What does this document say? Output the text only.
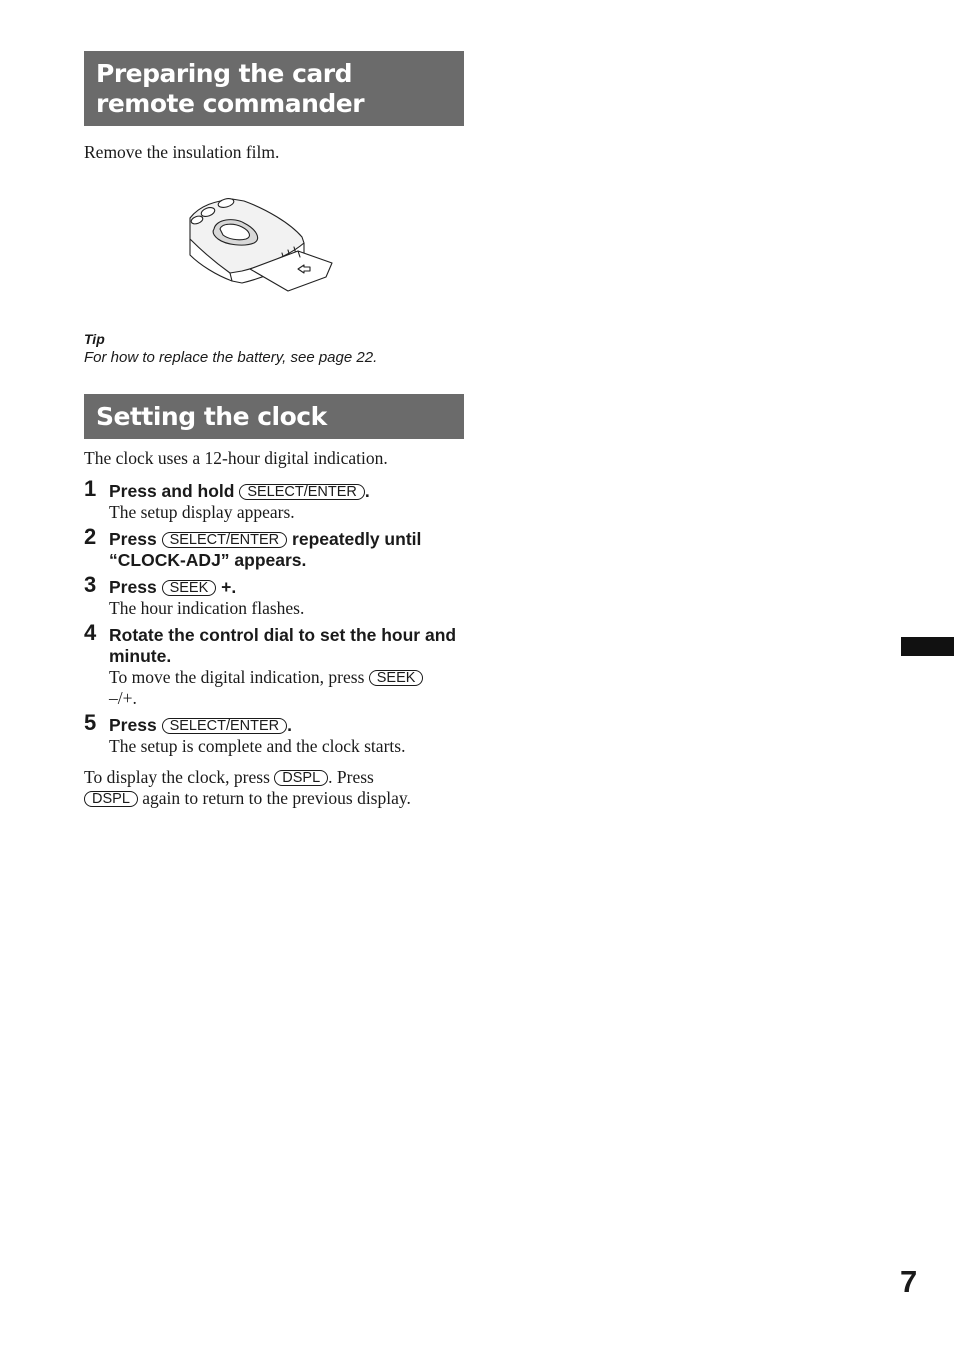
Preparing the card remote commander
Remove the insulation film.
Tip
For how to replace the battery, see page 22.
Setting the clock
The clock uses a 12-hour digital indication.
1 Press and hold SELECT/ENTER .
The setup display appears.
2 Press SELECT/ENTER repeatedly until
“CLOCK-ADJ” appears.
3 Press SEEK +.
The hour indication flashes.
4 Rotate the control dial to set the hour and minute.
To move the digital indication, press SEEK
–/+.
5 Press SELECT/ENTER .
The setup is complete and the clock starts.
To display the clock, press DSPL . Press
DSPL again to return to the previous display.
7
